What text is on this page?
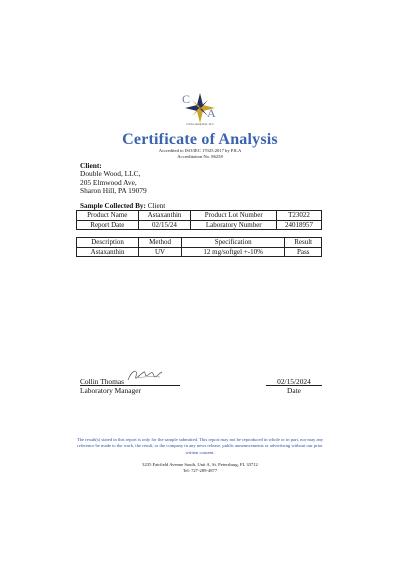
C
A
Certus Analytical, LLC
Certificate of Analysis
Accredited to ISO/IEC 17025:2017 by PJLA
Accreditation No. 86258
Client:
Double Wood, LLC,
205 Elmwood Ave,
Sharon Hill, PA 19079
Sample Collected By: Client
Product Name	Astaxanthin	Product Lot Number	T23022
Report Date	02/15/24	Laboratory Number	24018957
Description	Method	Specification	Result
Astaxanthin	UV	12 mg/softgel +-10%	Pass
Collin Thomas
Laboratory Manager
02/15/2024
Date
The result(s) stated in this report is only for the sample submitted. This report may not be reproduced in whole or in part, nor may any reference be made to the work, the result, or the company in any news release, public announcements or advertising without our prior written consent.
3235 Fairfield Avenue South, Unit A, St. Petersburg, FL 33712
Tel: 727-289-4877
